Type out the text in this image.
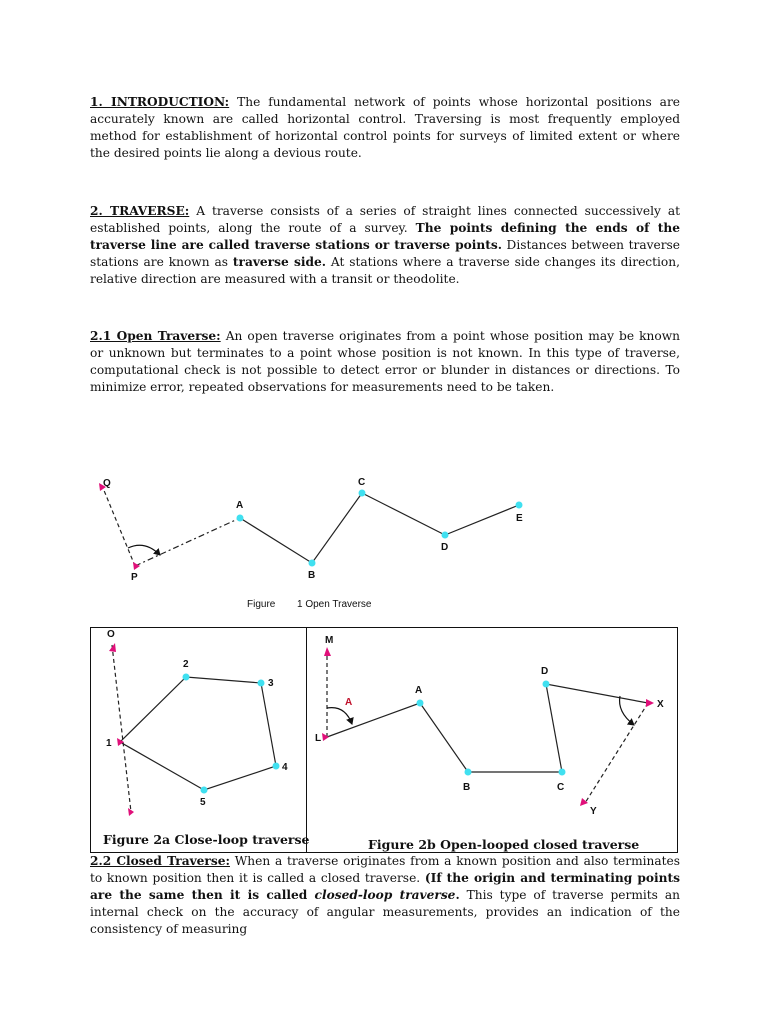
1. INTRODUCTION: The fundamental network of points whose horizontal positions are accurately known are called horizontal control. Traversing is most frequently employed method for establishment of horizontal control points for surveys of limited extent or where the desired points lie along a devious route.

2. TRAVERSE: A traverse consists of a series of straight lines connected successively at established points, along the route of a survey. The points defining the ends of the traverse line are called traverse stations or traverse points. Distances between traverse stations are known as traverse side. At stations where a traverse side changes its direction, relative direction are measured with a transit or theodolite.

2.1 Open Traverse: An open traverse originates from a point whose position may be known or unknown but terminates to a point whose position is not known. In this type of traverse, computational check is not possible to detect error or blunder in distances or directions. To minimize error, repeated observations for measurements need to be taken.

Q
P
A
B
C
D
E
Figure 1 Open Traverse
O
1
2
3
4
5
M
L
A
A
B	C
D
X
Y

Figure 2a Close-loop traverse	Figure 2b Open-looped closed traverse

2.2 Closed Traverse: When a traverse originates from a known position and also terminates to known position then it is called a closed traverse. (If the origin and terminating points are the same then it is called closed-loop traverse. This type of traverse permits an internal check on the accuracy of angular measurements, provides an indication of the consistency of measuring
